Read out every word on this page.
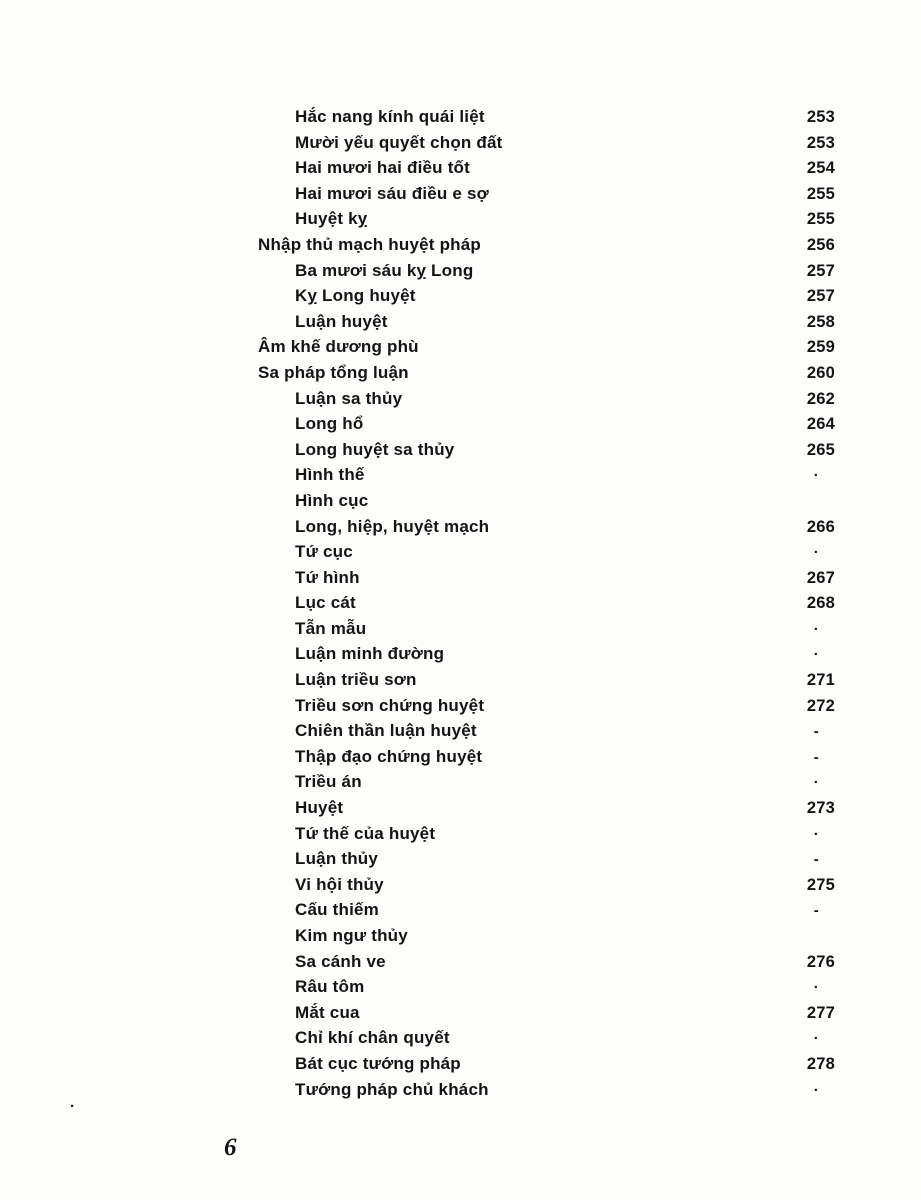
Hắc nang kính quái liệt	253
Mười yếu quyết chọn đất	253
Hai mươi hai điều tốt	254
Hai mươi sáu điều e sợ	255
Huyệt kỵ	255
Nhập thủ mạch huyệt pháp	256
Ba mươi sáu kỵ Long	257
Kỵ Long huyệt	257
Luận huyệt	258
Âm khế dương phù	259
Sa pháp tổng luận	260
Luận sa thủy	262
Long hổ	264
Long huyệt sa thủy	265
Hình thế	·
Hình cục
Long, hiệp, huyệt mạch	266
Tứ cục	·
Tứ hình	267
Lục cát	268
Tẫn mẫu	·
Luận minh đường	·
Luận triều sơn	271
Triều sơn chứng huyệt	272
Chiên thần luận huyệt	-
Thập đạo chứng huyệt	-
Triều án	·
Huyệt	273
Tứ thế của huyệt	·
Luận thủy	-
Vi hội thủy	275
Cấu thiếm	-
Kim ngư thủy
Sa cánh ve	276
Râu tôm	·
Mắt cua	277
Chỉ khí chân quyết	·
Bát cục tướng pháp	278
Tướng pháp chủ khách	·
·
6
